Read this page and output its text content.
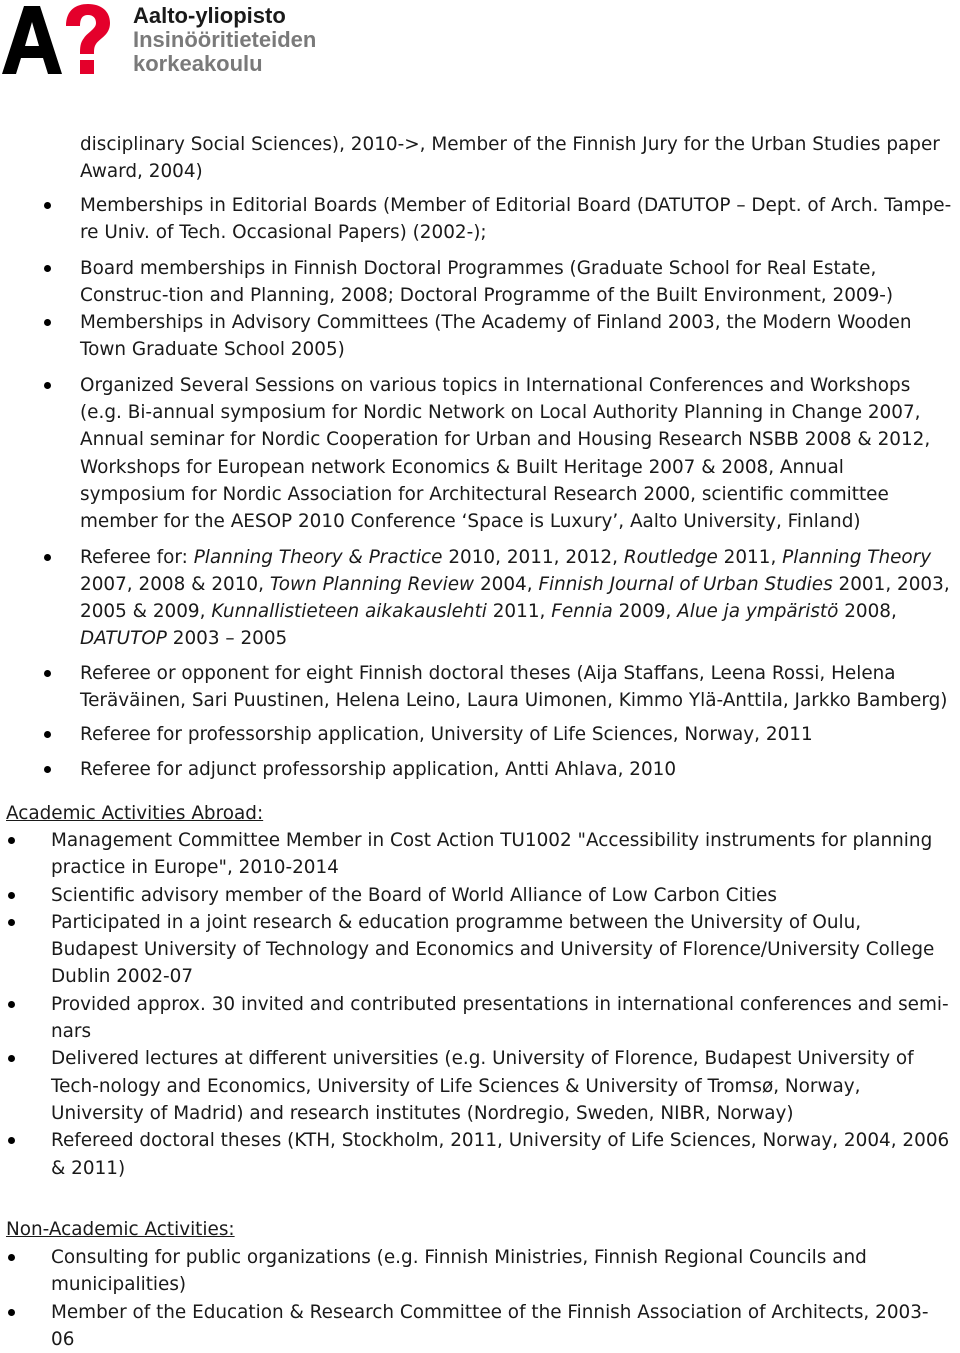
Aalto-yliopisto
Insinööritieteiden
korkeakoulu
disciplinary Social Sciences), 2010->, Member of the Finnish Jury for the Urban Studies paper
Award, 2004)
Memberships in Editorial Boards (Member of Editorial Board (DATUTOP – Dept. of Arch. Tampe-re Univ. of Tech. Occasional Papers) (2002-);
Board memberships in Finnish Doctoral Programmes (Graduate School for Real Estate, Construc-tion and Planning, 2008; Doctoral Programme of the Built Environment, 2009-)
Memberships in Advisory Committees (The Academy of Finland 2003, the Modern Wooden Town Graduate School 2005)
Organized Several Sessions on various topics in International Conferences and Workshops (e.g. Bi-annual symposium for Nordic Network on Local Authority Planning in Change 2007, Annual seminar for Nordic Cooperation for Urban and Housing Research NSBB 2008 & 2012, Workshops for European network Economics & Built Heritage 2007 & 2008, Annual symposium for Nordic Association for Architectural Research 2000, scientific committee member for the AESOP 2010 Conference ‘Space is Luxury’, Aalto University, Finland)
Referee for: Planning Theory & Practice 2010, 2011, 2012, Routledge 2011, Planning Theory 2007, 2008 & 2010, Town Planning Review 2004, Finnish Journal of Urban Studies 2001, 2003, 2005 & 2009, Kunnallistieteen aikakauslehti 2011, Fennia 2009, Alue ja ympäristö 2008, DATUTOP 2003 – 2005
Referee or opponent for eight Finnish doctoral theses (Aija Staffans, Leena Rossi, Helena Teräväinen, Sari Puustinen, Helena Leino, Laura Uimonen, Kimmo Ylä-Anttila, Jarkko Bamberg)
Referee for professorship application, University of Life Sciences, Norway, 2011
Referee for adjunct professorship application, Antti Ahlava, 2010
Academic Activities Abroad:
Management Committee Member in Cost Action TU1002 "Accessibility instruments for planning practice in Europe", 2010-2014
Scientific advisory member of the Board of World Alliance of Low Carbon Cities
Participated in a joint research & education programme between the University of Oulu, Budapest University of Technology and Economics and University of Florence/University College Dublin 2002-07
Provided approx. 30 invited and contributed presentations in international conferences and semi-nars
Delivered lectures at different universities (e.g. University of Florence, Budapest University of Tech-nology and Economics, University of Life Sciences & University of Tromsø, Norway, University of Madrid) and research institutes (Nordregio, Sweden, NIBR, Norway)
Refereed doctoral theses (KTH, Stockholm, 2011, University of Life Sciences, Norway, 2004, 2006 & 2011)
Non-Academic Activities:
Consulting for public organizations (e.g. Finnish Ministries, Finnish Regional Councils and municipalities)
Member of the Education & Research Committee of the Finnish Association of Architects, 2003-06
